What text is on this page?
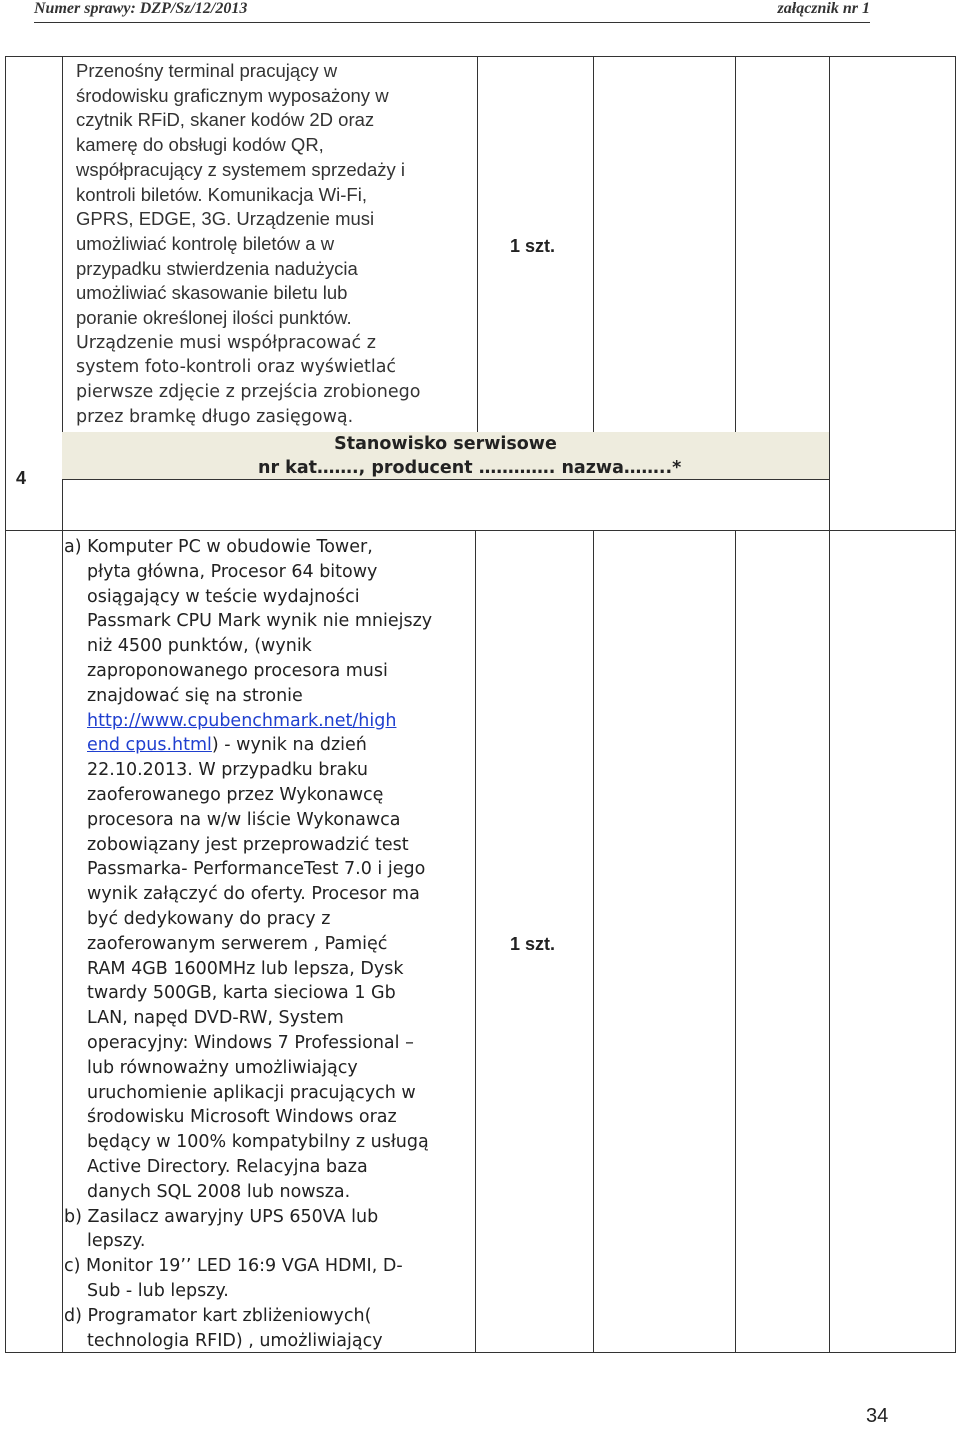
Numer sprawy: DZP/Sz/12/2013	załącznik nr 1
4
Przenośny terminal pracujący w
środowisku graficznym wyposażony w
czytnik RFiD, skaner kodów 2D oraz
kamerę do obsługi kodów QR,
współpracujący z systemem sprzedaży i
kontroli biletów. Komunikacja Wi-Fi,
GPRS, EDGE, 3G. Urządzenie musi
umożliwiać kontrolę biletów a w
przypadku stwierdzenia nadużycia
umożliwiać skasowanie biletu lub
poranie określonej ilości punktów.
Urządzenie musi współpracować z
system foto-kontroli oraz wyświetlać
pierwsze zdjęcie z przejścia zrobionego
przez bramkę długo zasięgową.
1 szt.
Stanowisko serwisowe
nr kat……., producent …………. nazwa……..*
a) Komputer PC w obudowie Tower,
płyta główna, Procesor 64 bitowy
osiągający w teście wydajności
Passmark CPU Mark wynik nie mniejszy
niż 4500 punktów, (wynik
zaproponowanego procesora musi
znajdować się na stronie
http://www.cpubenchmark.net/high
end cpus.html) - wynik na dzień
22.10.2013. W przypadku braku
zaoferowanego przez Wykonawcę
procesora na w/w liście Wykonawca
zobowiązany jest przeprowadzić test
Passmarka- PerformanceTest 7.0 i jego
wynik załączyć do oferty. Procesor ma
być dedykowany do pracy z
zaoferowanym serwerem , Pamięć
RAM 4GB 1600MHz lub lepsza, Dysk
twardy 500GB, karta sieciowa 1 Gb
LAN, napęd DVD-RW, System
operacyjny: Windows 7 Professional –
lub równoważny umożliwiający
uruchomienie aplikacji pracujących w
środowisku Microsoft Windows oraz
będący w 100% kompatybilny z usługą
Active Directory. Relacyjna baza
danych SQL 2008 lub nowsza.
b) Zasilacz awaryjny UPS 650VA lub
lepszy.
c) Monitor 19’’ LED 16:9 VGA HDMI, D-
Sub - lub lepszy.
d) Programator kart zbliżeniowych(
technologia RFID) , umożliwiający
1 szt.
34
